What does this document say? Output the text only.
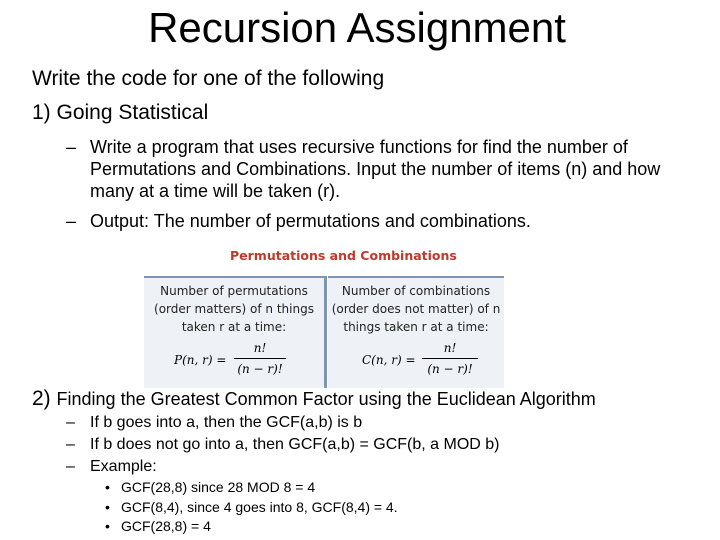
Recursion Assignment
Write the code for one of the following
1) Going Statistical
– Write a program that uses recursive functions for find the number of Permutations and Combinations. Input the number of items (n) and how many at a time will be taken (r).
– Output: The number of permutations and combinations.
Permutations and Combinations
Number of permutations
(order matters) of n things
taken r at a time:
P(n, r) =
n!
(n − r)!
Number of combinations
(order does not matter) of n
things taken r at a time:
C(n, r) =
n!
(n − r)!
2) Finding the Greatest Common Factor using the Euclidean Algorithm
– If b goes into a, then the GCF(a,b) is b
– If b does not go into a, then GCF(a,b) = GCF(b, a MOD b)
– Example:
• GCF(28,8) since 28 MOD 8 = 4
• GCF(8,4), since 4 goes into 8, GCF(8,4) = 4.
• GCF(28,8) = 4
